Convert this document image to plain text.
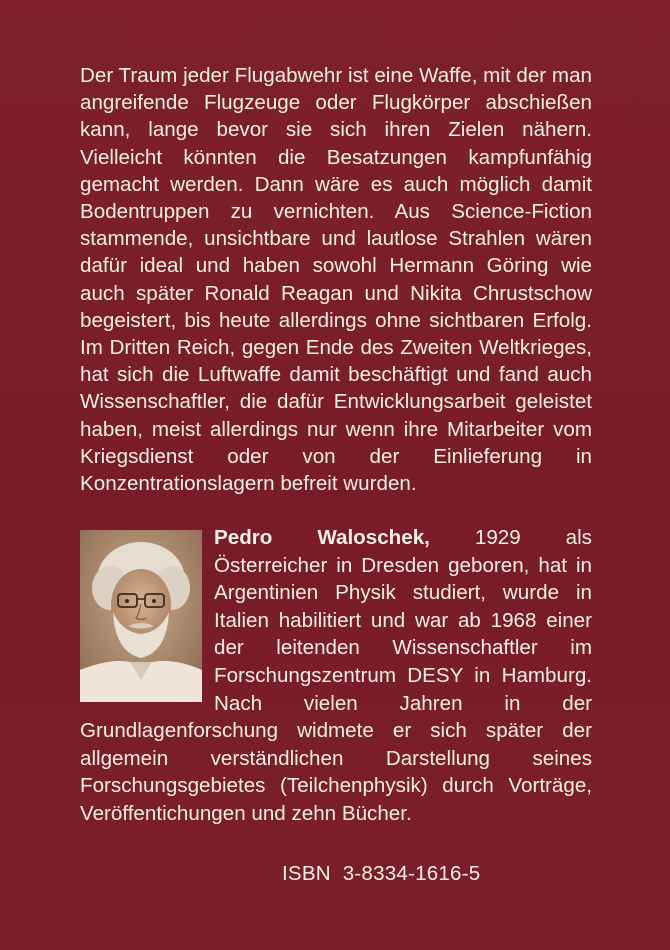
Der Traum jeder Flugabwehr ist eine Waffe, mit der man angreifende Flugzeuge oder Flugkörper abschießen kann, lange bevor sie sich ihren Zielen nähern. Vielleicht könnten die Besatzungen kampfunfähig gemacht werden. Dann wäre es auch möglich damit Bodentruppen zu vernichten. Aus Science-Fiction stammende, unsichtbare und lautlose Strahlen wären dafür ideal und haben sowohl Hermann Göring wie auch später Ronald Reagan und Nikita Chrustschow begeistert, bis heute allerdings ohne sichtbaren Erfolg. Im Dritten Reich, gegen Ende des Zweiten Weltkrieges, hat sich die Luftwaffe damit beschäftigt und fand auch Wissenschaftler, die dafür Entwicklungsarbeit geleistet haben, meist allerdings nur wenn ihre Mitarbeiter vom Kriegsdienst oder von der Einlieferung in Konzentrationslagern befreit wurden.

Pedro Waloschek, 1929 als Österreicher in Dresden geboren, hat in Argentinien Physik studiert, wurde in Italien habilitiert und war ab 1968 einer der leitenden Wissenschaftler im Forschungszentrum DESY in Hamburg. Nach vielen Jahren in der Grundlagenforschung widmete er sich später der allgemein verständlichen Darstellung seines Forschungsgebietes (Teilchenphysik) durch Vorträge, Veröffentichungen und zehn Bücher.

ISBN  3-8334-1616-5
